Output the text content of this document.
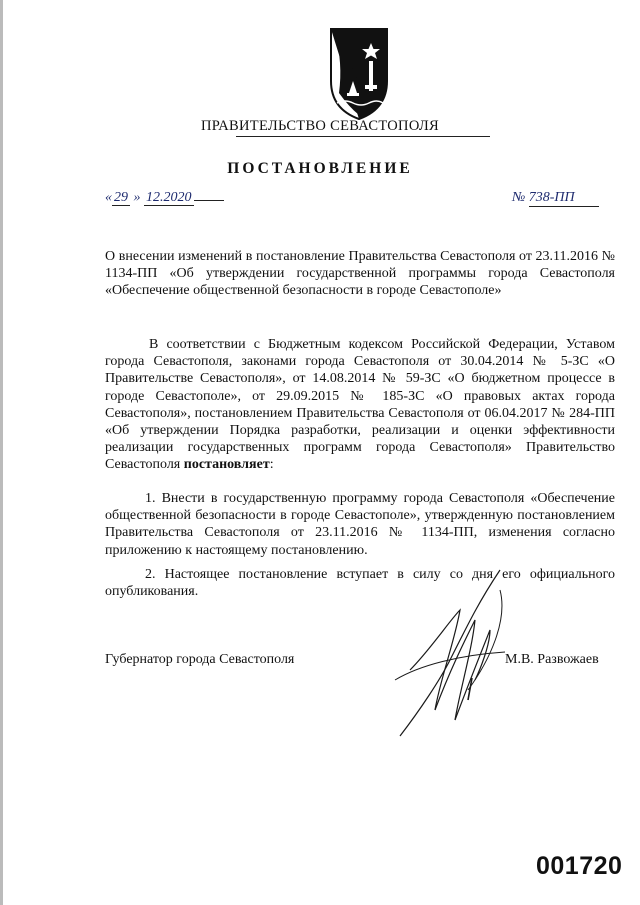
ПРАВИТЕЛЬСТВО СЕВАСТОПОЛЯ
ПОСТАНОВЛЕНИЕ
« 29 » 12.2020	№ 738-ПП

О внесении изменений в постановление Правительства Севастополя от 23.11.2016 № 1134-ПП «Об утверждении государственной программы города Севастополя «Обеспечение общественной безопасности в городе Севастополе»

В соответствии с Бюджетным кодексом Российской Федерации, Уставом города Севастополя, законами города Севастополя от 30.04.2014 № 5-ЗС «О Правительстве Севастополя», от 14.08.2014 № 59-ЗС «О бюджетном процессе в городе Севастополе», от 29.09.2015 № 185-ЗС «О правовых актах города Севастополя», постановлением Правительства Севастополя от 06.04.2017 № 284-ПП «Об утверждении Порядка разработки, реализации и оценки эффективности реализации государственных программ города Севастополя» Правительство Севастополя постановляет:

1. Внести в государственную программу города Севастополя «Обеспечение общественной безопасности в городе Севастополе», утвержденную постановлением Правительства Севастополя от 23.11.2016 № 1134-ПП, изменения согласно приложению к настоящему постановлению.

2. Настоящее постановление вступает в силу со дня его официального опубликования.

Губернатор города Севастополя	М.В. Развожаев
001720
